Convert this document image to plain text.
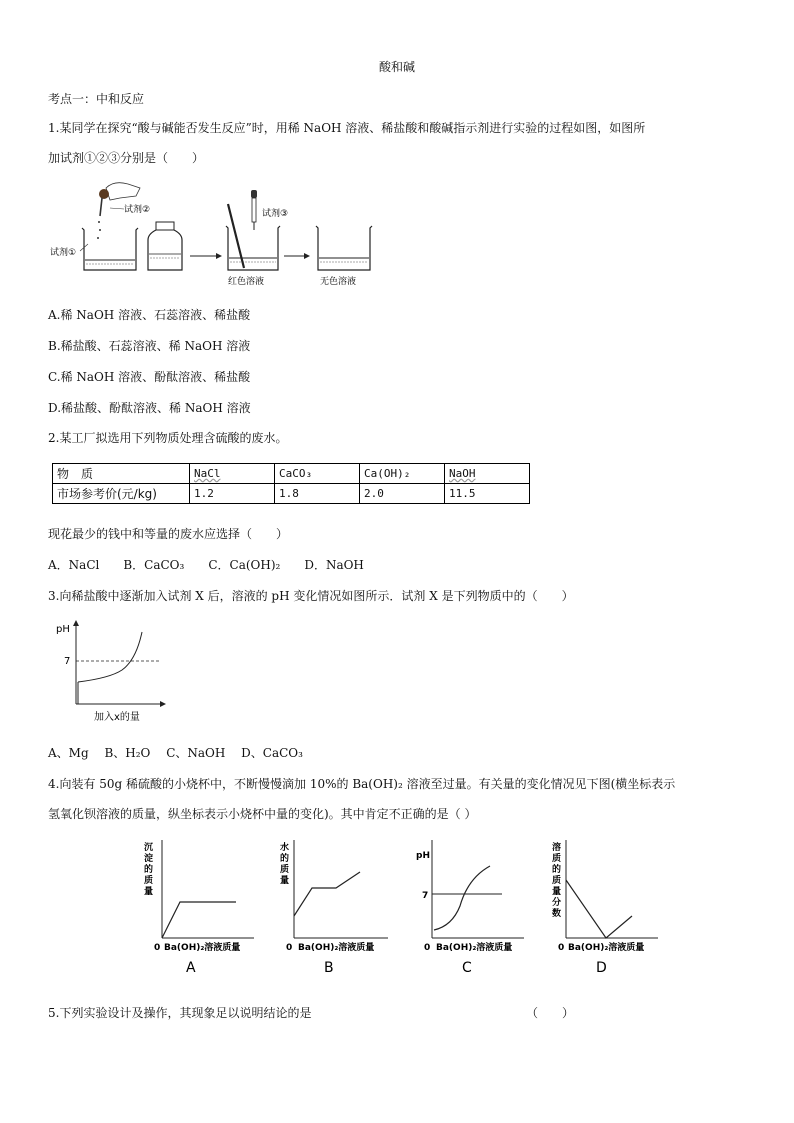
酸和碱
考点一：中和反应
1.某同学在探究“酸与碱能否发生反应”时，用稀 NaOH 溶液、稀盐酸和酸碱指示剂进行实验的过程如图，如图所
加试剂①②③分别是（　　）
试剂②
试剂①
试剂③
红色溶液	无色溶液
A.稀 NaOH 溶液、石蕊溶液、稀盐酸
B.稀盐酸、石蕊溶液、稀 NaOH 溶液
C.稀 NaOH 溶液、酚酞溶液、稀盐酸
D.稀盐酸、酚酞溶液、稀 NaOH 溶液
2.某工厂拟选用下列物质处理含硫酸的废水。
物　质	NaCl	CaCO₃	Ca(OH)₂	NaOH
市场参考价(元/kg)	1.2	1.8	2.0	11.5
现花最少的钱中和等量的废水应选择（　　）
A．NaCl　　B．CaCO₃　　C．Ca(OH)₂　　D．NaOH
3.向稀盐酸中逐渐加入试剂 X 后，溶液的 pH 变化情况如图所示．试剂 X 是下列物质中的（　　）
pH
7
加入x的量
A、Mg　 B、H₂O　 C、NaOH　 D、CaCO₃
4.向装有 50g 稀硫酸的小烧杯中，不断慢慢滴加 10%的 Ba(OH)₂ 溶液至过量。有关量的变化情况见下图(横坐标表示
氢氧化钡溶液的质量，纵坐标表示小烧杯中量的变化)。其中肯定不正确的是（ ）
沉 淀 的 质 量
0 Ba(OH)₂溶液质量
A
水 的 质 量
0 Ba(OH)₂溶液质量
B
pH
7
0 Ba(OH)₂溶液质量
C
溶 质 的 质 量 分 数
0 Ba(OH)₂溶液质量
D
5.下列实验设计及操作，其现象足以说明结论的是	（　　）
